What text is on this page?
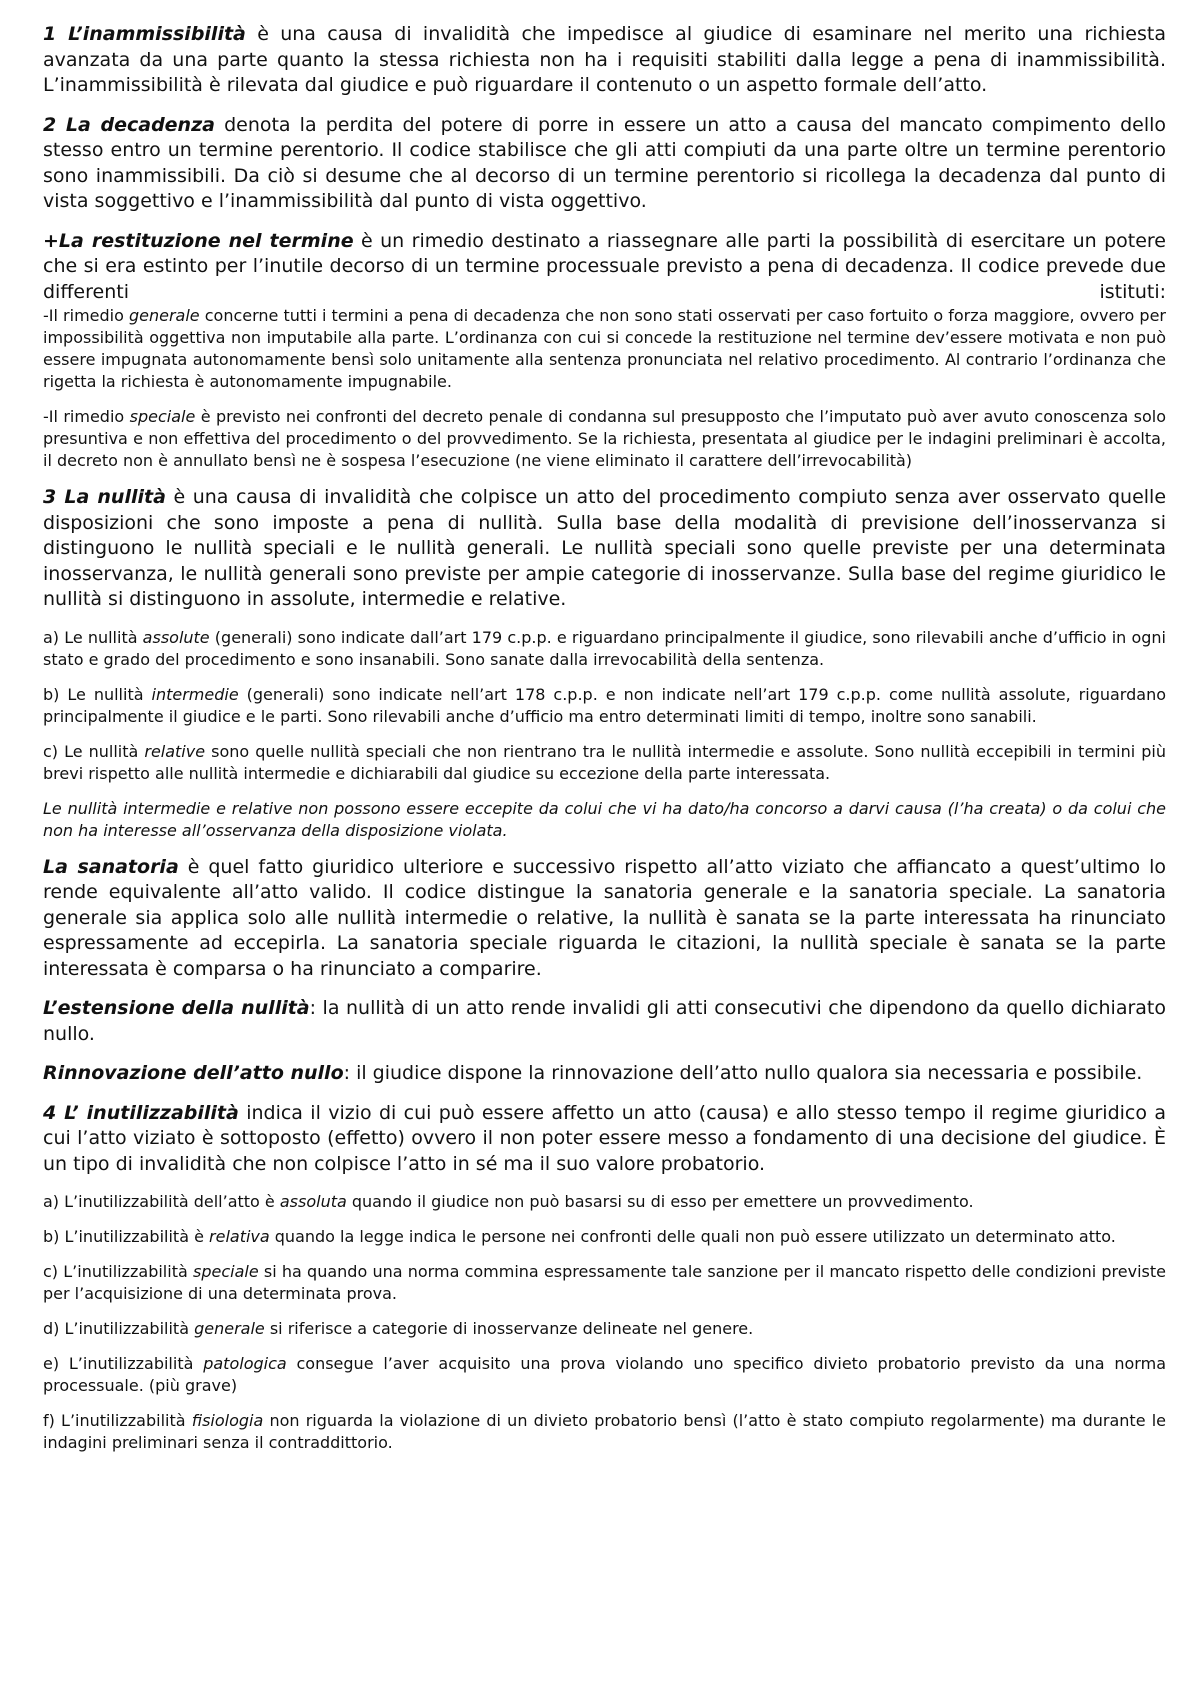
1 L’inammissibilità è una causa di invalidità che impedisce al giudice di esaminare nel merito una richiesta avanzata da una parte quanto la stessa richiesta non ha i requisiti stabiliti dalla legge a pena di inammissibilità. L’inammissibilità è rilevata dal giudice e può riguardare il contenuto o un aspetto formale dell’atto.

2 La decadenza denota la perdita del potere di porre in essere un atto a causa del mancato compimento dello stesso entro un termine perentorio. Il codice stabilisce che gli atti compiuti da una parte oltre un termine perentorio sono inammissibili. Da ciò si desume che al decorso di un termine perentorio si ricollega la decadenza dal punto di vista soggettivo e l’inammissibilità dal punto di vista oggettivo.

+La restituzione nel termine è un rimedio destinato a riassegnare alle parti la possibilità di esercitare un potere che si era estinto per l’inutile decorso di un termine processuale previsto a pena di decadenza. Il codice prevede due differenti istituti:

-Il rimedio generale concerne tutti i termini a pena di decadenza che non sono stati osservati per caso fortuito o forza maggiore, ovvero per impossibilità oggettiva non imputabile alla parte. L’ordinanza con cui si concede la restituzione nel termine dev’essere motivata e non può essere impugnata autonomamente bensì solo unitamente alla sentenza pronunciata nel relativo procedimento. Al contrario l’ordinanza che rigetta la richiesta è autonomamente impugnabile.

-Il rimedio speciale è previsto nei confronti del decreto penale di condanna sul presupposto che l’imputato può aver avuto conoscenza solo presuntiva e non effettiva del procedimento o del provvedimento. Se la richiesta, presentata al giudice per le indagini preliminari è accolta, il decreto non è annullato bensì ne è sospesa l’esecuzione (ne viene eliminato il carattere dell’irrevocabilità)

3 La nullità è una causa di invalidità che colpisce un atto del procedimento compiuto senza aver osservato quelle disposizioni che sono imposte a pena di nullità. Sulla base della modalità di previsione dell’inosservanza si distinguono le nullità speciali e le nullità generali. Le nullità speciali sono quelle previste per una determinata inosservanza, le nullità generali sono previste per ampie categorie di inosservanze. Sulla base del regime giuridico le nullità si distinguono in assolute, intermedie e relative.

a) Le nullità assolute (generali) sono indicate dall’art 179 c.p.p. e riguardano principalmente il giudice, sono rilevabili anche d’ufficio in ogni stato e grado del procedimento e sono insanabili. Sono sanate dalla irrevocabilità della sentenza.

b) Le nullità intermedie (generali) sono indicate nell’art 178 c.p.p. e non indicate nell’art 179 c.p.p. come nullità assolute, riguardano principalmente il giudice e le parti. Sono rilevabili anche d’ufficio ma entro determinati limiti di tempo, inoltre sono sanabili.

c) Le nullità relative sono quelle nullità speciali che non rientrano tra le nullità intermedie e assolute. Sono nullità eccepibili in termini più brevi rispetto alle nullità intermedie e dichiarabili dal giudice su eccezione della parte interessata.

Le nullità intermedie e relative non possono essere eccepite da colui che vi ha dato/ha concorso a darvi causa (l’ha creata) o da colui che non ha interesse all’osservanza della disposizione violata.

La sanatoria è quel fatto giuridico ulteriore e successivo rispetto all’atto viziato che affiancato a quest’ultimo lo rende equivalente all’atto valido. Il codice distingue la sanatoria generale e la sanatoria speciale. La sanatoria generale sia applica solo alle nullità intermedie o relative, la nullità è sanata se la parte interessata ha rinunciato espressamente ad eccepirla. La sanatoria speciale riguarda le citazioni, la nullità speciale è sanata se la parte interessata è comparsa o ha rinunciato a comparire.

L’estensione della nullità: la nullità di un atto rende invalidi gli atti consecutivi che dipendono da quello dichiarato nullo.

Rinnovazione dell’atto nullo: il giudice dispone la rinnovazione dell’atto nullo qualora sia necessaria e possibile.

4 L’ inutilizzabilità indica il vizio di cui può essere affetto un atto (causa) e allo stesso tempo il regime giuridico a cui l’atto viziato è sottoposto (effetto) ovvero il non poter essere messo a fondamento di una decisione del giudice. È un tipo di invalidità che non colpisce l’atto in sé ma il suo valore probatorio.

a) L’inutilizzabilità dell’atto è assoluta quando il giudice non può basarsi su di esso per emettere un provvedimento.

b) L’inutilizzabilità è relativa quando la legge indica le persone nei confronti delle quali non può essere utilizzato un determinato atto.

c) L’inutilizzabilità speciale si ha quando una norma commina espressamente tale sanzione per il mancato rispetto delle condizioni previste per l’acquisizione di una determinata prova.

d) L’inutilizzabilità generale si riferisce a categorie di inosservanze delineate nel genere.

e) L’inutilizzabilità patologica consegue l’aver acquisito una prova violando uno specifico divieto probatorio previsto da una norma processuale. (più grave)

f) L’inutilizzabilità fisiologia non riguarda la violazione di un divieto probatorio bensì (l’atto è stato compiuto regolarmente) ma durante le indagini preliminari senza il contraddittorio.
